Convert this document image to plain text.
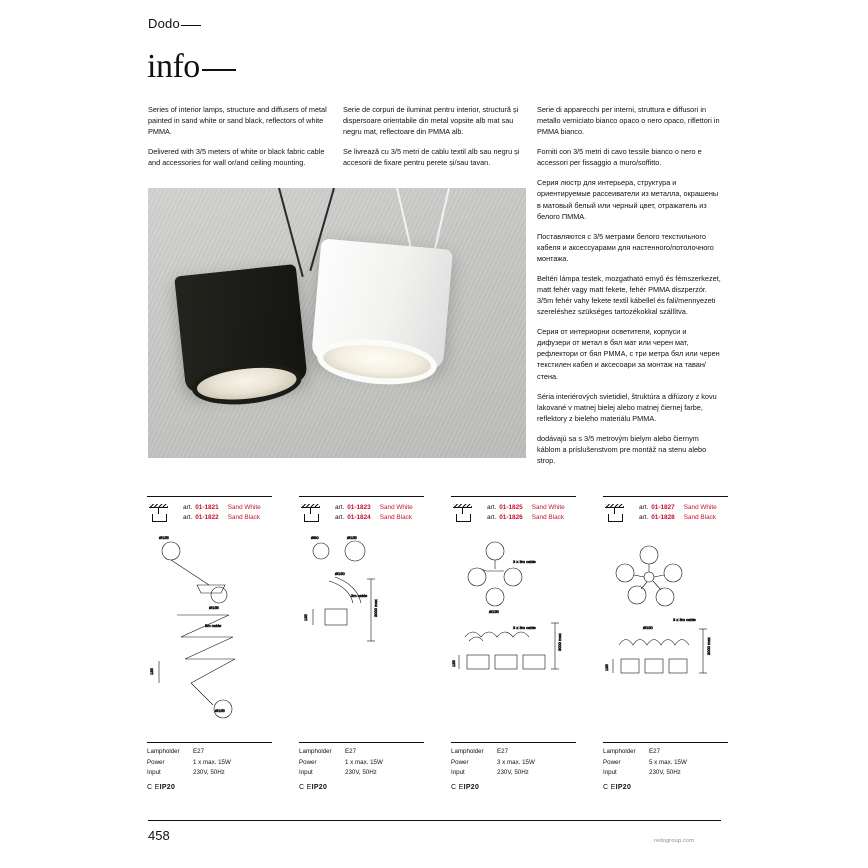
Dodo
info

Series of interior lamps, structure and diffusers of metal painted in sand white or sand black, reflectors of white PMMA.

Delivered with 3/5 meters of white or black fabric cable and accessories for wall or/and ceiling mounting.

Serie de corpuri de iluminat pentru interior, structură și dispersoare orientabile din metal vopsite alb mat sau negru mat, reflectoare din PMMA alb.

Se livrează cu 3/5 metri de cablu textil alb sau negru și accesorii de fixare pentru perete și/sau tavan.

Serie di apparecchi per interni, struttura e diffusori in metallo verniciato bianco opaco o nero opaco, riflettori in PMMA bianco.

Forniti con 3/5 metri di cavo tessile bianco o nero e accessori per fissaggio a muro/soffitto.

Серия люстр для интерьера, структура и ориентируемые рассеиватели из металла, окрашены в матовый белый или черный цвет, отражатель из белого ПММА.

Поставляются с 3/5 метрами белого текстильного кабеля и аксессуарами для настенного/потолочного монтажа.

Beltéri lámpa testek, mozgatható ernyő és fémszerkezet, matt fehér vagy matt fekete, fehér PMMA diszperzór. 3/5m fehér vahy fekete textil kábellel és fali/mennyezeti szereléshez szükséges tartozékokkal szállítva.

Серия от интериорни осветители, корпуси и дифузери от метал в бял мат или черен мат, рефлектори от бял PMMA, с три метра бял или черен текстилен кабел и аксесоари за монтаж на таван/стена.

Séria interiérových svietidiel, štruktúra a difúzory z kovu lakované v matnej bielej alebo matnej čiernej farbe, reflektory z bieleho materiálu PMMA.

dodávajú sa s 3/5 metrovým bielym alebo čiernym káblom a príslušenstvom pre montáž na stenu alebo strop.

art. 01-1821 Sand White
art. 01-1822 Sand Black
Ø155
Ø155
5m cable
Ø155
135
art. 01-1823 Sand White
art. 01-1824 Sand Black
Ø90	Ø155
Ø150
3m cable
3000 max
135
art. 01-1825 Sand White
art. 01-1826 Sand Black
3 x 3m cable
Ø155
3 x 3m cable
135
3000 max
art. 01-1827 Sand White
art. 01-1828 Sand Black
Ø150
3 x 3m cable
135
3000 max
Lampholder	E27
Power	1 x max. 15W
Input	230V, 50Hz
C EIP20
Lampholder	E27
Power	1 x max. 15W
Input	230V, 50Hz
C EIP20
Lampholder	E27
Power	3 x max. 15W
Input	230V, 50Hz
C EIP20
Lampholder	E27
Power	5 x max. 15W
Input	230V, 50Hz
C EIP20
458	redogroup.com
